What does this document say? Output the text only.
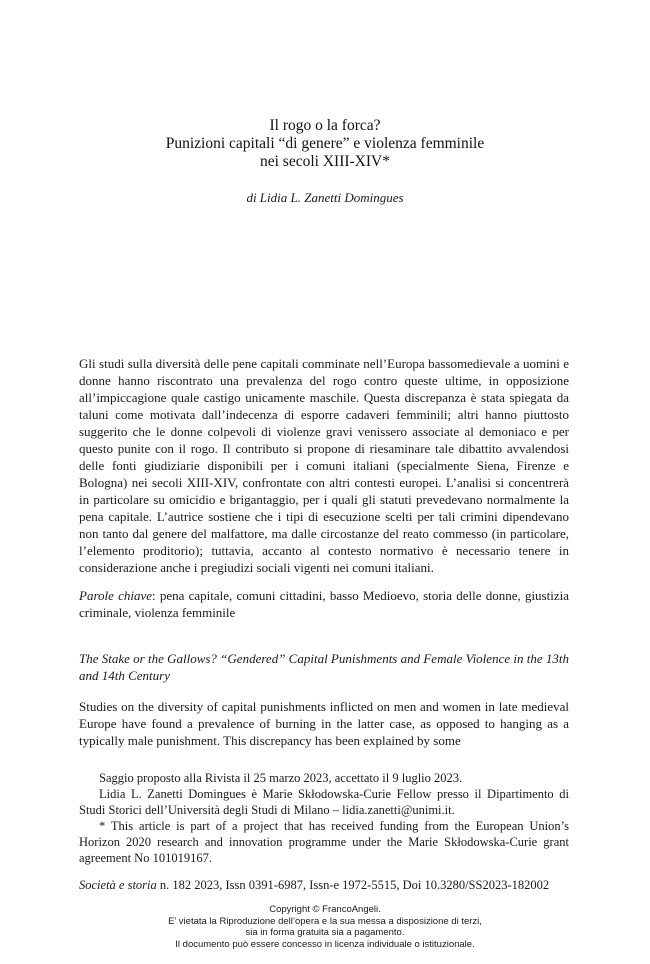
Il rogo o la forca?
Punizioni capitali “di genere” e violenza femminile
nei secoli XIII-XIV*
di Lidia L. Zanetti Domingues

Gli studi sulla diversità delle pene capitali comminate nell’Europa bassomedievale a uomini e donne hanno riscontrato una prevalenza del rogo contro queste ultime, in opposizione all’impiccagione quale castigo unicamente maschile. Questa discrepanza è stata spiegata da taluni come motivata dall’indecenza di esporre cadaveri femminili; altri hanno piuttosto suggerito che le donne colpevoli di violenze gravi venissero associate al demoniaco e per questo punite con il rogo. Il contributo si propone di riesaminare tale dibattito avvalendosi delle fonti giudiziarie disponibili per i comuni italiani (specialmente Siena, Firenze e Bologna) nei secoli XIII-XIV, confrontate con altri contesti europei. L’analisi si concentrerà in particolare su omicidio e brigantaggio, per i quali gli statuti prevedevano normalmente la pena capitale. L’autrice sostiene che i tipi di esecuzione scelti per tali crimini dipendevano non tanto dal genere del malfattore, ma dalle circostanze del reato commesso (in particolare, l’elemento proditorio); tuttavia, accanto al contesto normativo è necessario tenere in considerazione anche i pregiudizi sociali vigenti nei comuni italiani.

Parole chiave: pena capitale, comuni cittadini, basso Medioevo, storia delle donne, giustizia criminale, violenza femminile

The Stake or the Gallows? “Gendered” Capital Punishments and Female Violence in the 13th and 14th Century

Studies on the diversity of capital punishments inflicted on men and women in late medieval Europe have found a prevalence of burning in the latter case, as opposed to hanging as a typically male punishment. This discrepancy has been explained by some

Saggio proposto alla Rivista il 25 marzo 2023, accettato il 9 luglio 2023.

Lidia L. Zanetti Domingues è Marie Skłodowska-Curie Fellow presso il Dipartimento di Studi Storici dell’Università degli Studi di Milano – lidia.zanetti@unimi.it.

* This article is part of a project that has received funding from the European Union’s Horizon 2020 research and innovation programme under the Marie Skłodowska-Curie grant agreement No 101019167.

Società e storia n. 182 2023, Issn 0391-6987, Issn-e 1972-5515, Doi 10.3280/SS2023-182002
Copyright © FrancoAngeli.
E’ vietata la Riproduzione dell’opera e la sua messa a disposizione di terzi,
sia in forma gratuita sia a pagamento.
Il documento può essere concesso in licenza individuale o istituzionale.
